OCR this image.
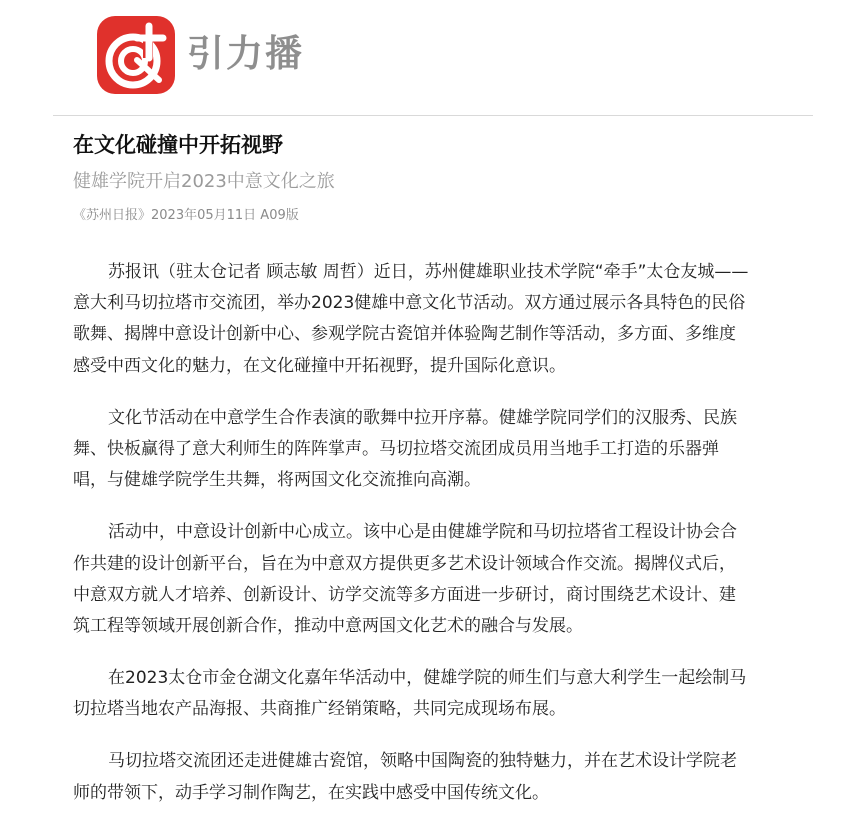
引力播
在文化碰撞中开拓视野
健雄学院开启2023中意文化之旅
《苏州日报》2023年05月11日 A09版

苏报讯（驻太仓记者 顾志敏 周哲）近日，苏州健雄职业技术学院“牵手”太仓友城——
意大利马切拉塔市交流团，举办2023健雄中意文化节活动。双方通过展示各具特色的民俗
歌舞、揭牌中意设计创新中心、参观学院古瓷馆并体验陶艺制作等活动，多方面、多维度
感受中西文化的魅力，在文化碰撞中开拓视野，提升国际化意识。

文化节活动在中意学生合作表演的歌舞中拉开序幕。健雄学院同学们的汉服秀、民族
舞、快板赢得了意大利师生的阵阵掌声。马切拉塔交流团成员用当地手工打造的乐器弹
唱，与健雄学院学生共舞，将两国文化交流推向高潮。

活动中，中意设计创新中心成立。该中心是由健雄学院和马切拉塔省工程设计协会合
作共建的设计创新平台，旨在为中意双方提供更多艺术设计领域合作交流。揭牌仪式后，
中意双方就人才培养、创新设计、访学交流等多方面进一步研讨，商讨围绕艺术设计、建
筑工程等领域开展创新合作，推动中意两国文化艺术的融合与发展。

在2023太仓市金仓湖文化嘉年华活动中，健雄学院的师生们与意大利学生一起绘制马
切拉塔当地农产品海报、共商推广经销策略，共同完成现场布展。

马切拉塔交流团还走进健雄古瓷馆，领略中国陶瓷的独特魅力，并在艺术设计学院老
师的带领下，动手学习制作陶艺，在实践中感受中国传统文化。
